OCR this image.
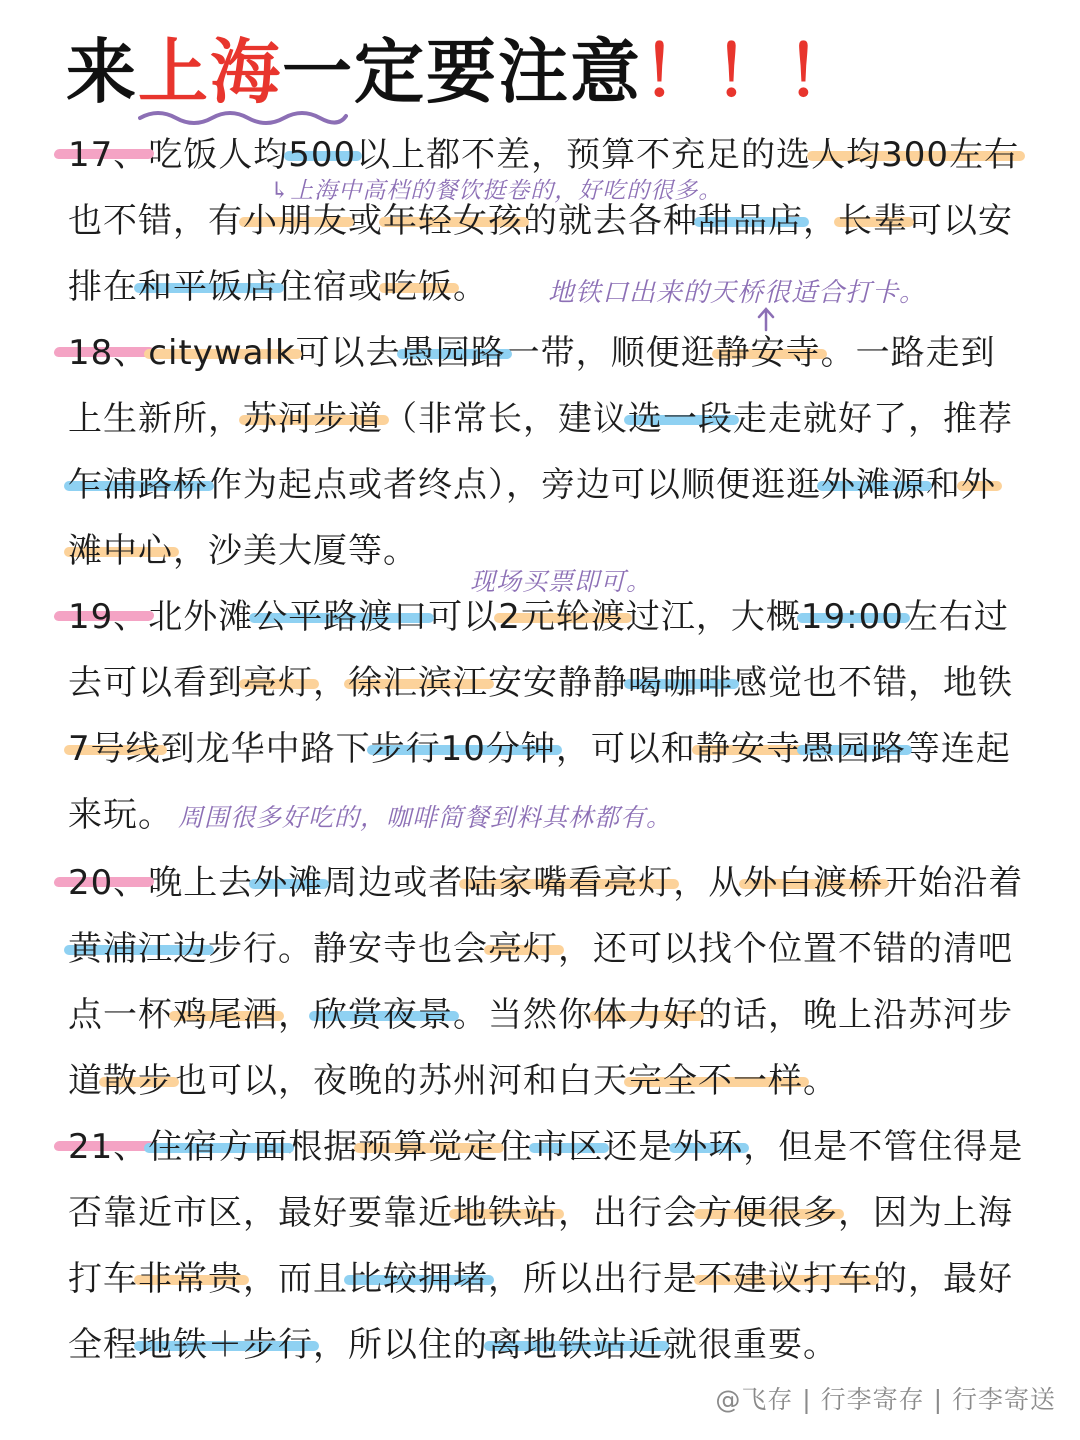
来上海一定要注意！！！
17、吃饭人均500以上都不差，预算不充足的选人均300左右
也不错，有小朋友或年轻女孩的就去各种甜品店，长辈可以安
排在和平饭店住宿或吃饭。
18、citywalk可以去愚园路一带，顺便逛静安寺。一路走到
上生新所，苏河步道（非常长，建议选一段走走就好了，推荐
乍浦路桥作为起点或者终点），旁边可以顺便逛逛外滩源和外
滩中心，沙美大厦等。
19、北外滩公平路渡口可以2元轮渡过江，大概19:00左右过
去可以看到亮灯，徐汇滨江安安静静喝咖啡感觉也不错，地铁
7号线到龙华中路下步行10分钟，可以和静安寺愚园路等连起
来玩。
20、晚上去外滩周边或者陆家嘴看亮灯，从外白渡桥开始沿着
黄浦江边步行。静安寺也会亮灯，还可以找个位置不错的清吧
点一杯鸡尾酒，欣赏夜景。当然你体力好的话，晚上沿苏河步
道散步也可以，夜晚的苏州河和白天完全不一样。
21、住宿方面根据预算觉定住市区还是外环，但是不管住得是
否靠近市区，最好要靠近地铁站，出行会方便很多，因为上海
打车非常贵，而且比较拥堵，所以出行是不建议打车的，最好
全程地铁＋步行，所以住的离地铁站近就很重要。
↳上海中高档的餐饮挺卷的，好吃的很多。
地铁口出来的天桥很适合打卡。
现场买票即可。
周围很多好吃的，咖啡简餐到料其林都有。
@飞存 | 行李寄存 | 行李寄送
